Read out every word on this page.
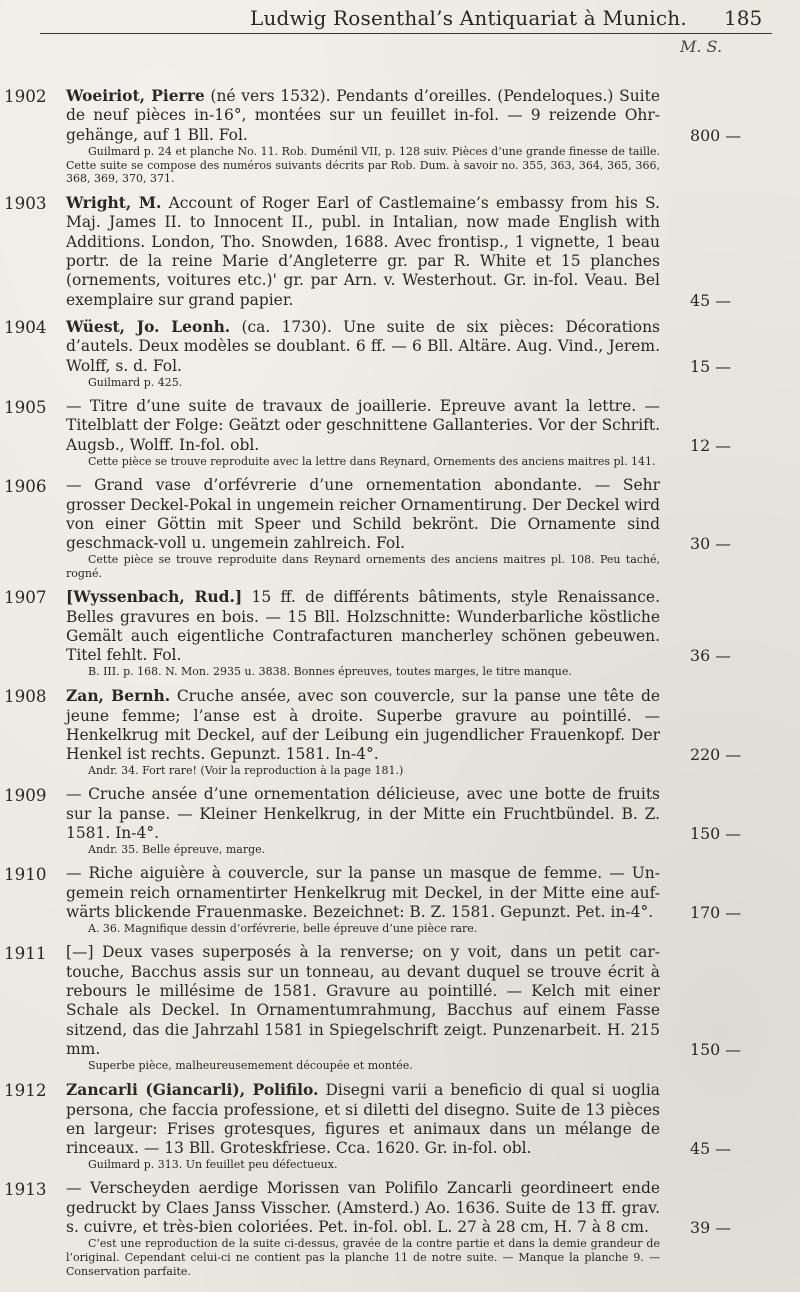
Ludwig Rosenthal’s Antiquariat à Munich. 185
M. S.
1902 Woeiriot, Pierre (né vers 1532). Pendants d’oreilles. (Pendeloques.) Suite de neuf pièces in-16°, montées sur un feuillet in-fol. — 9 reizende Ohr-gehänge, auf 1 Bll. Fol.
Guilmard p. 24 et planche No. 11. Rob. Duménil VII, p. 128 suiv. Pièces d’une grande finesse de taille. Cette suite se compose des numéros suivants décrits par Rob. Dum. à savoir no. 355, 363, 364, 365, 366, 368, 369, 370, 371.
800 —
1903 Wright, M. Account of Roger Earl of Castlemaine’s embassy from his S. Maj. James II. to Innocent II., publ. in Intalian, now made English with Additions. London, Tho. Snowden, 1688. Avec frontisp., 1 vignette, 1 beau portr. de la reine Marie d’Angleterre gr. par R. White et 15 planches (ornements, voitures etc.)' gr. par Arn. v. Westerhout. Gr. in-fol. Veau. Bel exemplaire sur grand papier.	45 —
1904 Wüest, Jo. Leonh. (ca. 1730). Une suite de six pièces: Décorations d’autels. Deux modèles se doublant. 6 ff. — 6 Bll. Altäre. Aug. Vind., Jerem. Wolff, s. d. Fol.
Guilmard p. 425.
15 —
1905 — Titre d’une suite de travaux de joaillerie. Epreuve avant la lettre. — Titelblatt der Folge: Geätzt oder geschnittene Gallanteries. Vor der Schrift. Augsb., Wolff. In-fol. obl.
Cette pièce se trouve reproduite avec la lettre dans Reynard, Ornements des anciens maitres pl. 141.
12 —
1906 — Grand vase d’orfévrerie d’une ornementation abondante. — Sehr grosser Deckel-Pokal in ungemein reicher Ornamentirung. Der Deckel wird von einer Göttin mit Speer und Schild bekrönt. Die Ornamente sind geschmack-voll u. ungemein zahlreich. Fol.
Cette pièce se trouve reproduite dans Reynard ornements des anciens maitres pl. 108. Peu taché, rogné.
30 —
1907 [Wyssenbach, Rud.] 15 ff. de différents bâtiments, style Renaissance. Belles gravures en bois. — 15 Bll. Holzschnitte: Wunderbarliche köstliche Gemält auch eigentliche Contrafacturen mancherley schönen gebeuwen. Titel fehlt. Fol.
B. III. p. 168. N. Mon. 2935 u. 3838. Bonnes épreuves, toutes marges, le titre manque.
36 —
1908 Zan, Bernh. Cruche ansée, avec son couvercle, sur la panse une tête de jeune femme; l’anse est à droite. Superbe gravure au pointillé. — Henkelkrug mit Deckel, auf der Leibung ein jugendlicher Frauenkopf. Der Henkel ist rechts. Gepunzt. 1581. In-4°.
Andr. 34. Fort rare! (Voir la reproduction à la page 181.)
220 —
1909 — Cruche ansée d’une ornementation délicieuse, avec une botte de fruits sur la panse. — Kleiner Henkelkrug, in der Mitte ein Fruchtbündel. B. Z. 1581. In-4°.
Andr. 35. Belle épreuve, marge.
150 —
1910 — Riche aiguière à couvercle, sur la panse un masque de femme. — Un-gemein reich ornamentirter Henkelkrug mit Deckel, in der Mitte eine auf-wärts blickende Frauenmaske. Bezeichnet: B. Z. 1581. Gepunzt. Pet. in-4°.
A. 36. Magnifique dessin d’orfévrerie, belle épreuve d’une pièce rare.
170 —
1911 [—] Deux vases superposés à la renverse; on y voit, dans un petit car-touche, Bacchus assis sur un tonneau, au devant duquel se trouve écrit à rebours le millésime de 1581. Gravure au pointillé. — Kelch mit einer Schale als Deckel. In Ornamentumrahmung, Bacchus auf einem Fasse sitzend, das die Jahrzahl 1581 in Spiegelschrift zeigt. Punzenarbeit. H. 215 mm.
Superbe pièce, malheureusemement découpée et montée.
150 —
1912 Zancarli (Giancarli), Polifilo. Disegni varii a beneficio di qual si uoglia persona, che faccia professione, et si diletti del disegno. Suite de 13 pièces en largeur: Frises grotesques, figures et animaux dans un mélange de rinceaux. — 13 Bll. Groteskfriese. Cca. 1620. Gr. in-fol. obl.
Guilmard p. 313. Un feuillet peu défectueux.
45 —
1913 — Verscheyden aerdige Morissen van Polifilo Zancarli geordineert ende gedruckt by Claes Janss Visscher. (Amsterd.) Ao. 1636. Suite de 13 ff. grav. s. cuivre, et très-bien coloriées. Pet. in-fol. obl. L. 27 à 28 cm, H. 7 à 8 cm.
C’est une reproduction de la suite ci-dessus, gravée de la contre partie et dans la demie grandeur de l’original. Cependant celui-ci ne contient pas la planche 11 de notre suite. — Manque la planche 9. — Conservation parfaite.
39 —
